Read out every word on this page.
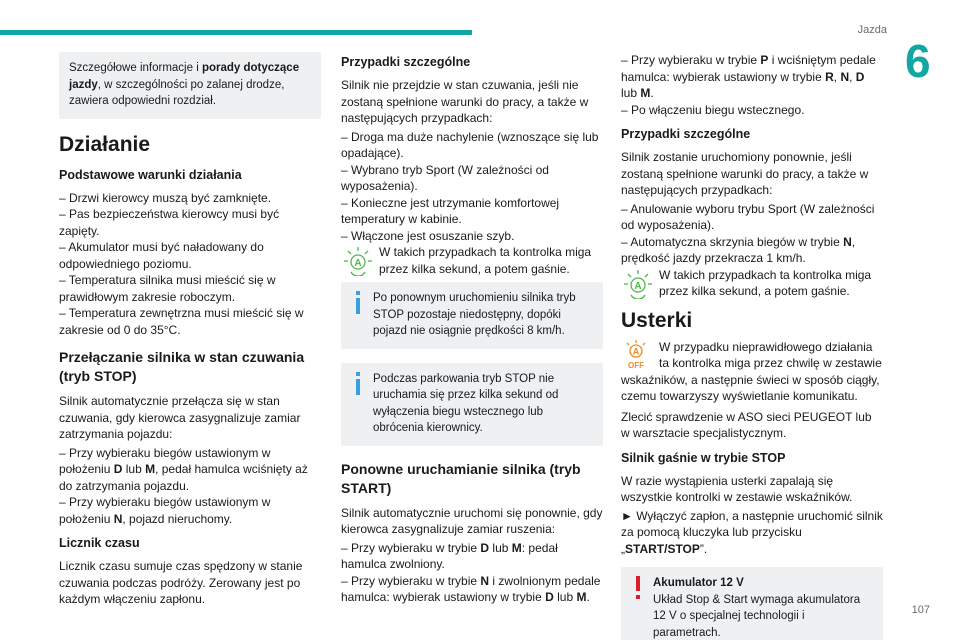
Jazda
6
107
Szczegółowe informacje i porady dotyczące jazdy, w szczególności po zalanej drodze, zawiera odpowiedni rozdział.
Działanie
Podstawowe warunki działania

– Drzwi kierowcy muszą być zamknięte.

– Pas bezpieczeństwa kierowcy musi być zapięty.

– Akumulator musi być naładowany do odpowiedniego poziomu.

– Temperatura silnika musi mieścić się w prawidłowym zakresie roboczym.

– Temperatura zewnętrzna musi mieścić się w zakresie od 0 do 35°C.

Przełączanie silnika w stan czuwania (tryb STOP)

Silnik automatycznie przełącza się w stan czuwania, gdy kierowca zasygnalizuje zamiar zatrzymania pojazdu:

– Przy wybieraku biegów ustawionym w położeniu D lub M, pedał hamulca wciśnięty aż do zatrzymania pojazdu.

– Przy wybieraku biegów ustawionym w położeniu N, pojazd nieruchomy.

Licznik czasu

Licznik czasu sumuje czas spędzony w stanie czuwania podczas podróży. Zerowany jest po każdym włączeniu zapłonu.

Przypadki szczególne

Silnik nie przejdzie w stan czuwania, jeśli nie zostaną spełnione warunki do pracy, a także w następujących przypadkach:

– Droga ma duże nachylenie (wznoszące się lub opadające).

– Wybrano tryb Sport (W zależności od wyposażenia).

– Konieczne jest utrzymanie komfortowej temperatury w kabinie.

– Włączone jest osuszanie szyb.

A

W takich przypadkach ta kontrolka miga przez kilka sekund, a potem gaśnie.

Po ponownym uruchomieniu silnika tryb STOP pozostaje niedostępny, dopóki pojazd nie osiągnie prędkości 8 km/h.
Podczas parkowania tryb STOP nie uruchamia się przez kilka sekund od wyłączenia biegu wstecznego lub obrócenia kierownicy.
Ponowne uruchamianie silnika (tryb START)

Silnik automatycznie uruchomi się ponownie, gdy kierowca zasygnalizuje zamiar ruszenia:

– Przy wybieraku w trybie D lub M: pedał hamulca zwolniony.

– Przy wybieraku w trybie N i zwolnionym pedale hamulca: wybierak ustawiony w trybie D lub M.

– Przy wybieraku w trybie P i wciśniętym pedale hamulca: wybierak ustawiony w trybie R, N, D lub M.

– Po włączeniu biegu wstecznego.

Przypadki szczególne

Silnik zostanie uruchomiony ponownie, jeśli zostaną spełnione warunki do pracy, a także w następujących przypadkach:

– Anulowanie wyboru trybu Sport (W zależności od wyposażenia).

– Automatyczna skrzynia biegów w trybie N, prędkość jazdy przekracza 1 km/h.

A

W takich przypadkach ta kontrolka miga przez kilka sekund, a potem gaśnie.

Usterki
A
OFF
W przypadku nieprawidłowego działania ta kontrolka miga przez chwilę w zestawie wskaźników, a następnie świeci w sposób ciągły, czemu towarzyszy wyświetlanie komunikatu.

Zlecić sprawdzenie w ASO sieci PEUGEOT lub w warsztacie specjalistycznym.

Silnik gaśnie w trybie STOP

W razie wystąpienia usterki zapalają się wszystkie kontrolki w zestawie wskaźników.

► Wyłączyć zapłon, a następnie uruchomić silnik za pomocą kluczyka lub przycisku „START/STOP”.

Akumulator 12 V
Układ Stop & Start wymaga akumulatora 12 V o specjalnej technologii i parametrach.
